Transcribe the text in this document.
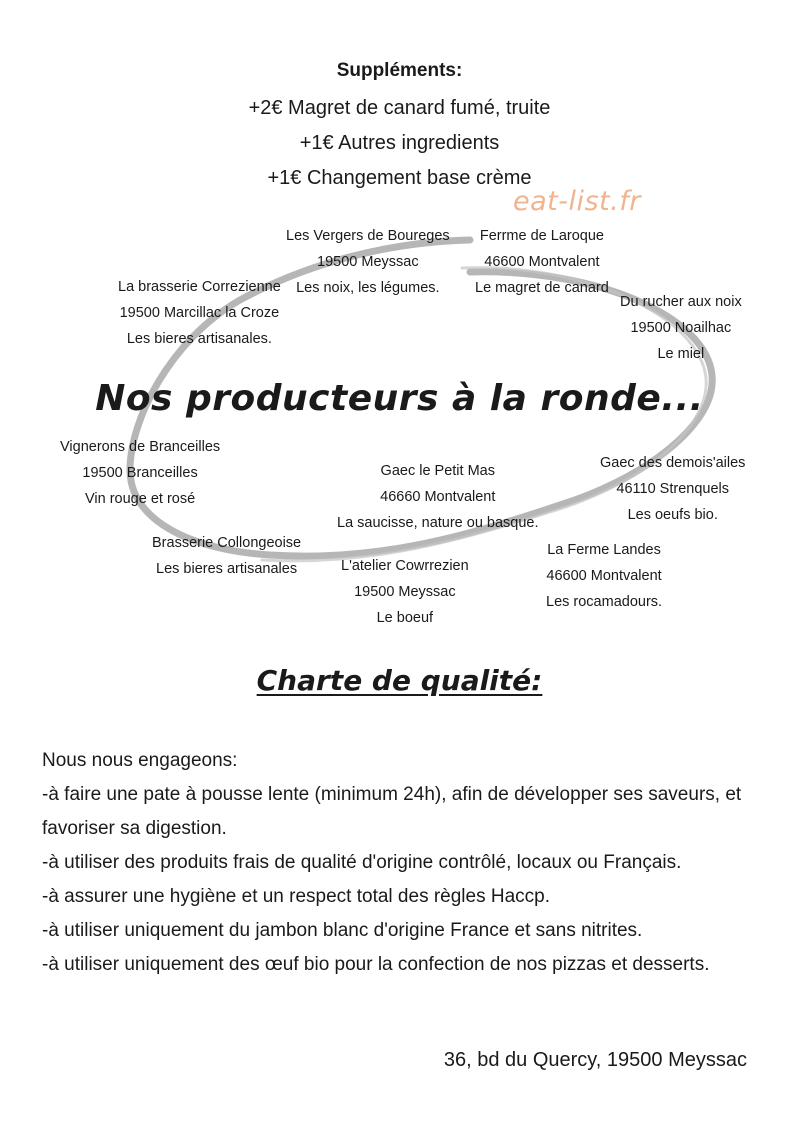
Suppléments:
+2€ Magret de canard fumé, truite
+1€ Autres ingredients
+1€ Changement base crème
eat-list.fr
Les Vergers de Boureges
19500 Meyssac
Les noix, les légumes.
Ferrme de Laroque
46600 Montvalent
Le magret de canard
La brasserie Correzienne
19500 Marcillac la Croze
Les bieres artisanales.
Du rucher aux noix
19500 Noailhac
Le miel
Nos producteurs à la ronde...
Vignerons de Branceilles
19500 Branceilles
Vin rouge et rosé
Gaec le Petit Mas
46660 Montvalent
La saucisse, nature ou basque.
Gaec des demois'ailes
46110 Strenquels
Les oeufs bio.
Brasserie Collongeoise
Les bieres artisanales	L'atelier Cowrrezien
19500 Meyssac
Le boeuf
La Ferme Landes
46600 Montvalent
Les rocamadours.
Charte de qualité:
Nous nous engageons:
-à faire une pate à pousse lente (minimum 24h), afin de développer ses saveurs, et favoriser sa digestion.
-à utiliser des produits frais de qualité d'origine contrôlé, locaux ou Français.
-à assurer une hygiène et un respect total des règles Haccp.
-à utiliser uniquement du jambon blanc d'origine France et sans nitrites.
-à utiliser uniquement des œuf bio pour la confection de nos pizzas et desserts.
36, bd du Quercy, 19500 Meyssac
